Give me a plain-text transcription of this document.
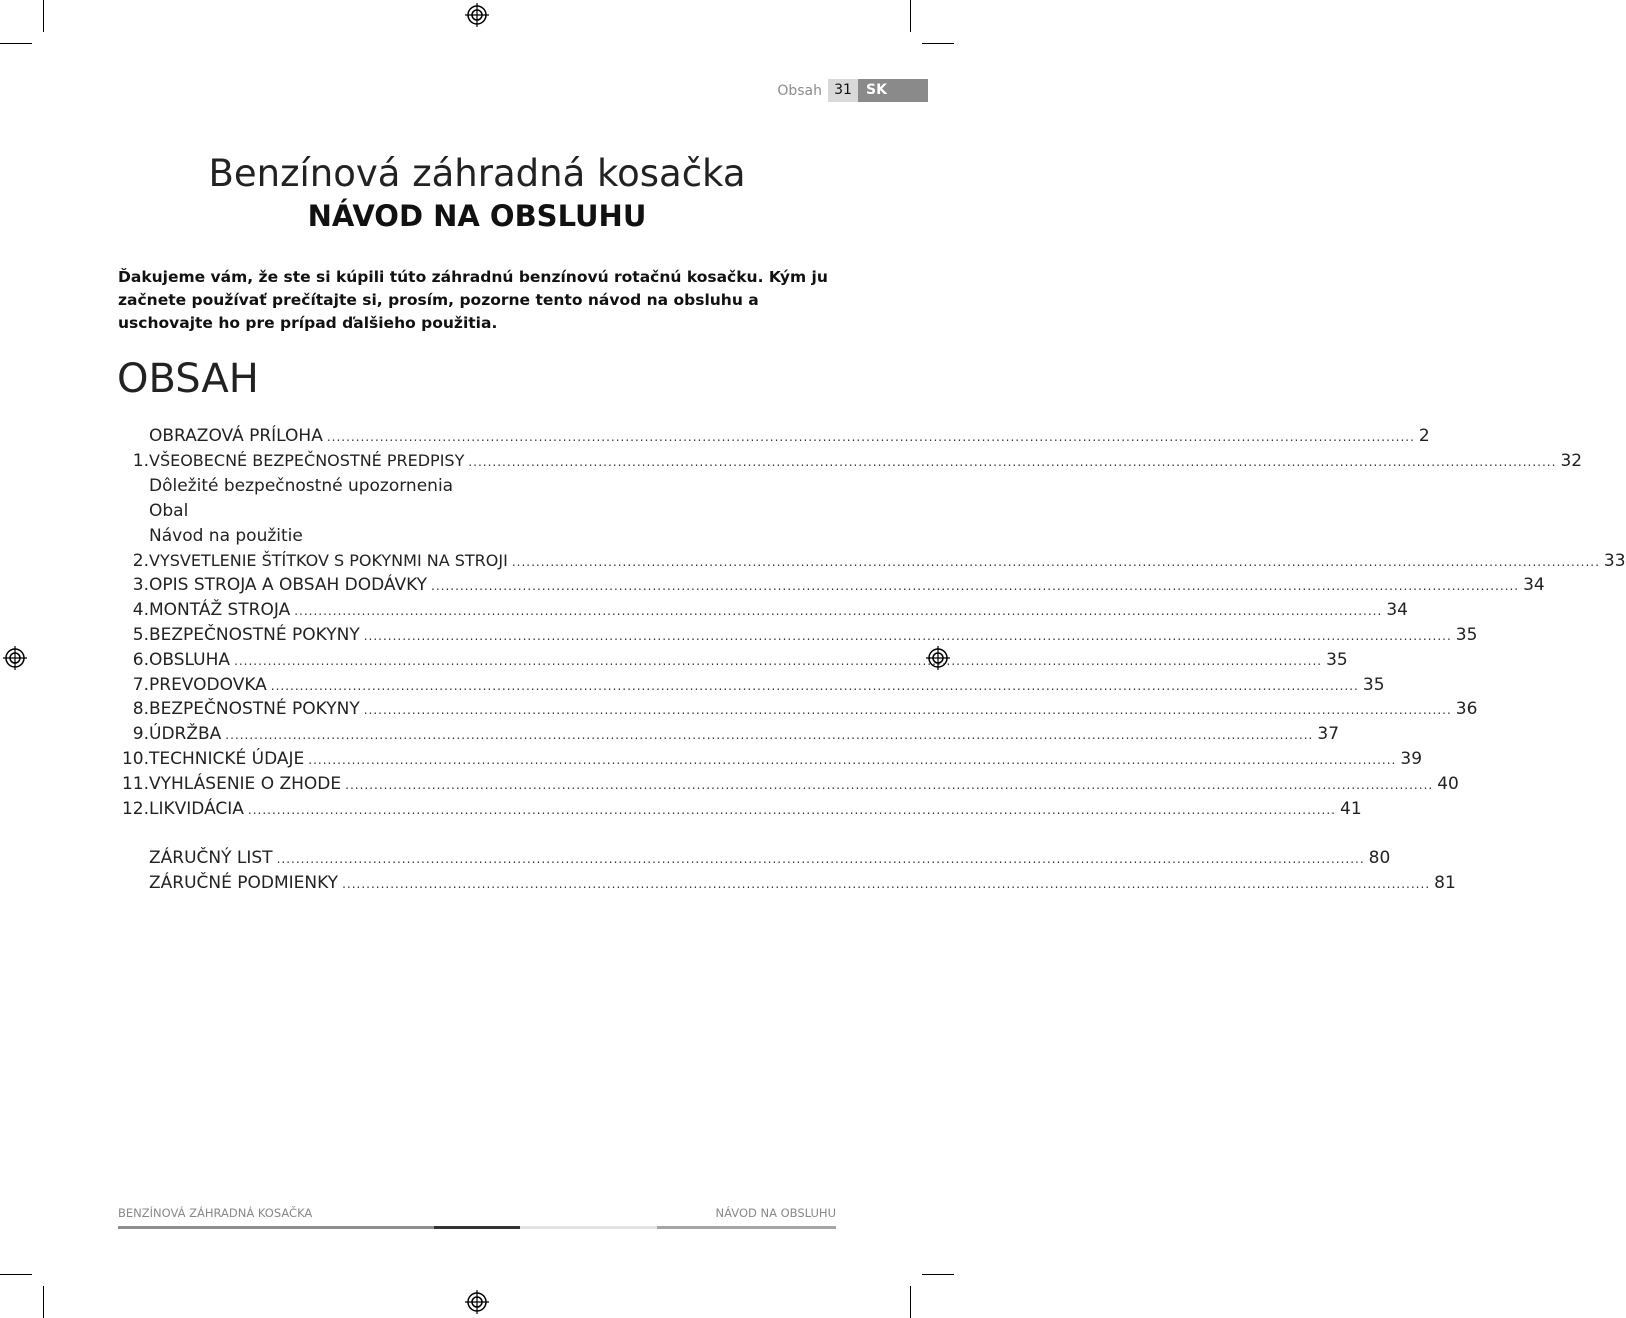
Obsah 31	SK
Benzínová záhradná kosačka
NÁVOD NA OBSLUHU
Ďakujeme vám, že ste si kúpili túto záhradnú benzínovú rotačnú kosačku. Kým ju začnete používať prečítajte si, prosím, pozorne tento návod na obsluhu a uschovajte ho pre prípad ďalšieho použitia.
OBSAH
OBRAZOVÁ PRÍLOHA .................................................................................................................................................................................................................................. 2
1. VŠEOBECNÉ BEZPEČNOSTNÉ PREDPISY .................................................................................................................................................................................................................................. 32
Dôležité bezpečnostné upozornenia
Obal
Návod na použitie
2. VYSVETLENIE ŠTÍTKOV S POKYNMI NA STROJI .................................................................................................................................................................................................................................. 33
3. OPIS STROJA A OBSAH DODÁVKY .................................................................................................................................................................................................................................. 34
4. MONTÁŽ STROJA .................................................................................................................................................................................................................................. 34
5. BEZPEČNOSTNÉ POKYNY .................................................................................................................................................................................................................................. 35
6. OBSLUHA .................................................................................................................................................................................................................................. 35
7. PREVODOVKA .................................................................................................................................................................................................................................. 35
8. BEZPEČNOSTNÉ POKYNY .................................................................................................................................................................................................................................. 36
9. ÚDRŽBA .................................................................................................................................................................................................................................. 37
10. TECHNICKÉ ÚDAJE .................................................................................................................................................................................................................................. 39
11. VYHLÁSENIE O ZHODE .................................................................................................................................................................................................................................. 40
12. LIKVIDÁCIA .................................................................................................................................................................................................................................. 41
ZÁRUČNÝ LIST .................................................................................................................................................................................................................................. 80
ZÁRUČNÉ PODMIENKY .................................................................................................................................................................................................................................. 81
BENZÍNOVÁ ZÁHRADNÁ KOSAČKA	NÁVOD NA OBSLUHU
